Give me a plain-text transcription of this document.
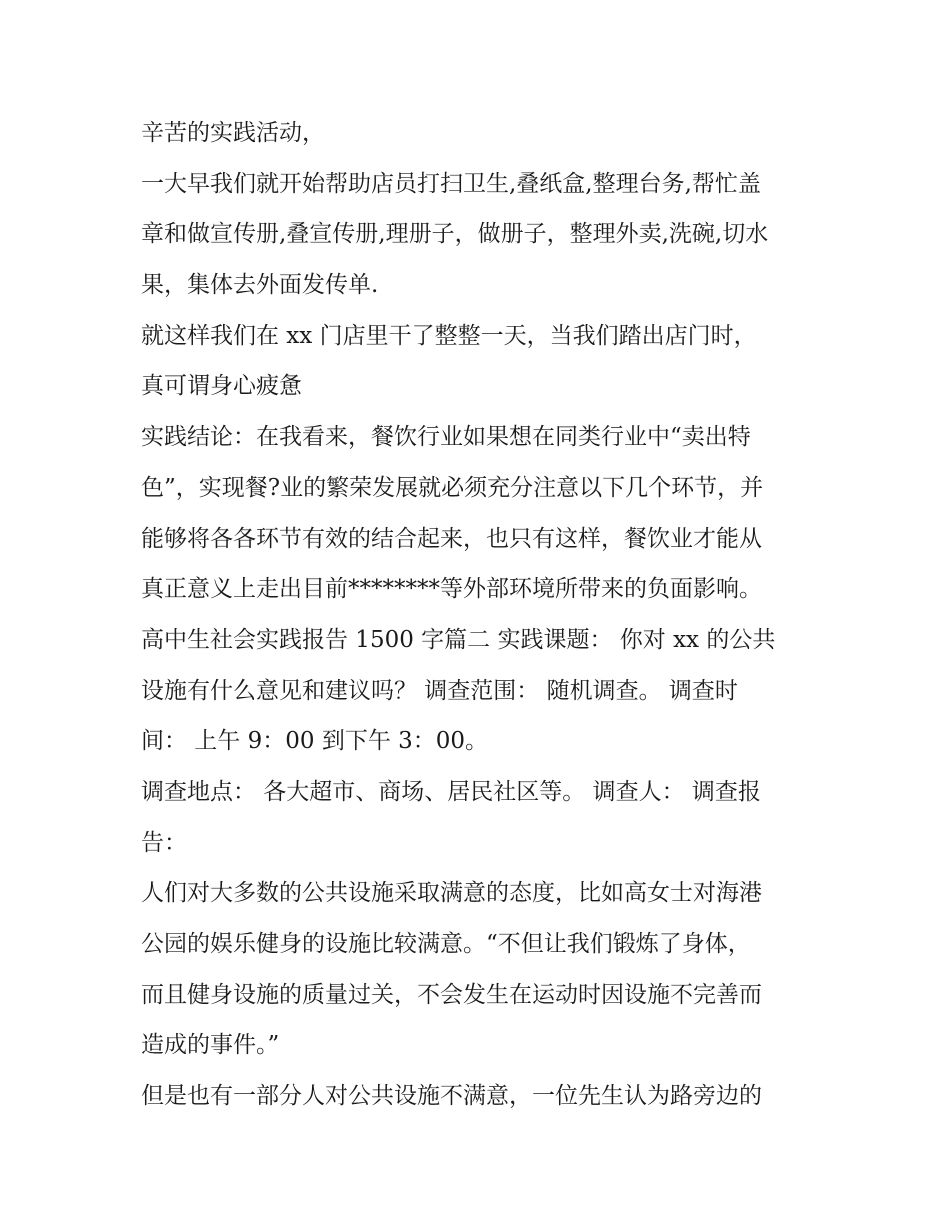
辛苦的实践活动，
一大早我们就开始帮助店员打扫卫生,叠纸盒,整理台务,帮忙盖
章和做宣传册,叠宣传册,理册子，做册子，整理外卖,洗碗,切水
果，集体去外面发传单.
就这样我们在 xx 门店里干了整整一天，当我们踏出店门时，
真可谓身心疲惫
实践结论：在我看来，餐饮行业如果想在同类行业中“卖出特
色”，实现餐?业的繁荣发展就必须充分注意以下几个环节，并
能够将各各环节有效的结合起来，也只有这样，餐饮业才能从
真正意义上走出目前********等外部环境所带来的负面影响。
高中生社会实践报告 1500 字篇二 实践课题： 你对 xx 的公共
设施有什么意见和建议吗？ 调查范围： 随机调查。 调查时
间： 上午 9：00 到下午 3：00。
调查地点： 各大超市、商场、居民社区等。 调查人： 调查报
告：
人们对大多数的公共设施采取满意的态度，比如高女士对海港
公园的娱乐健身的设施比较满意。“不但让我们锻炼了身体，
而且健身设施的质量过关，不会发生在运动时因设施不完善而
造成的事件。”
但是也有一部分人对公共设施不满意，一位先生认为路旁边的
